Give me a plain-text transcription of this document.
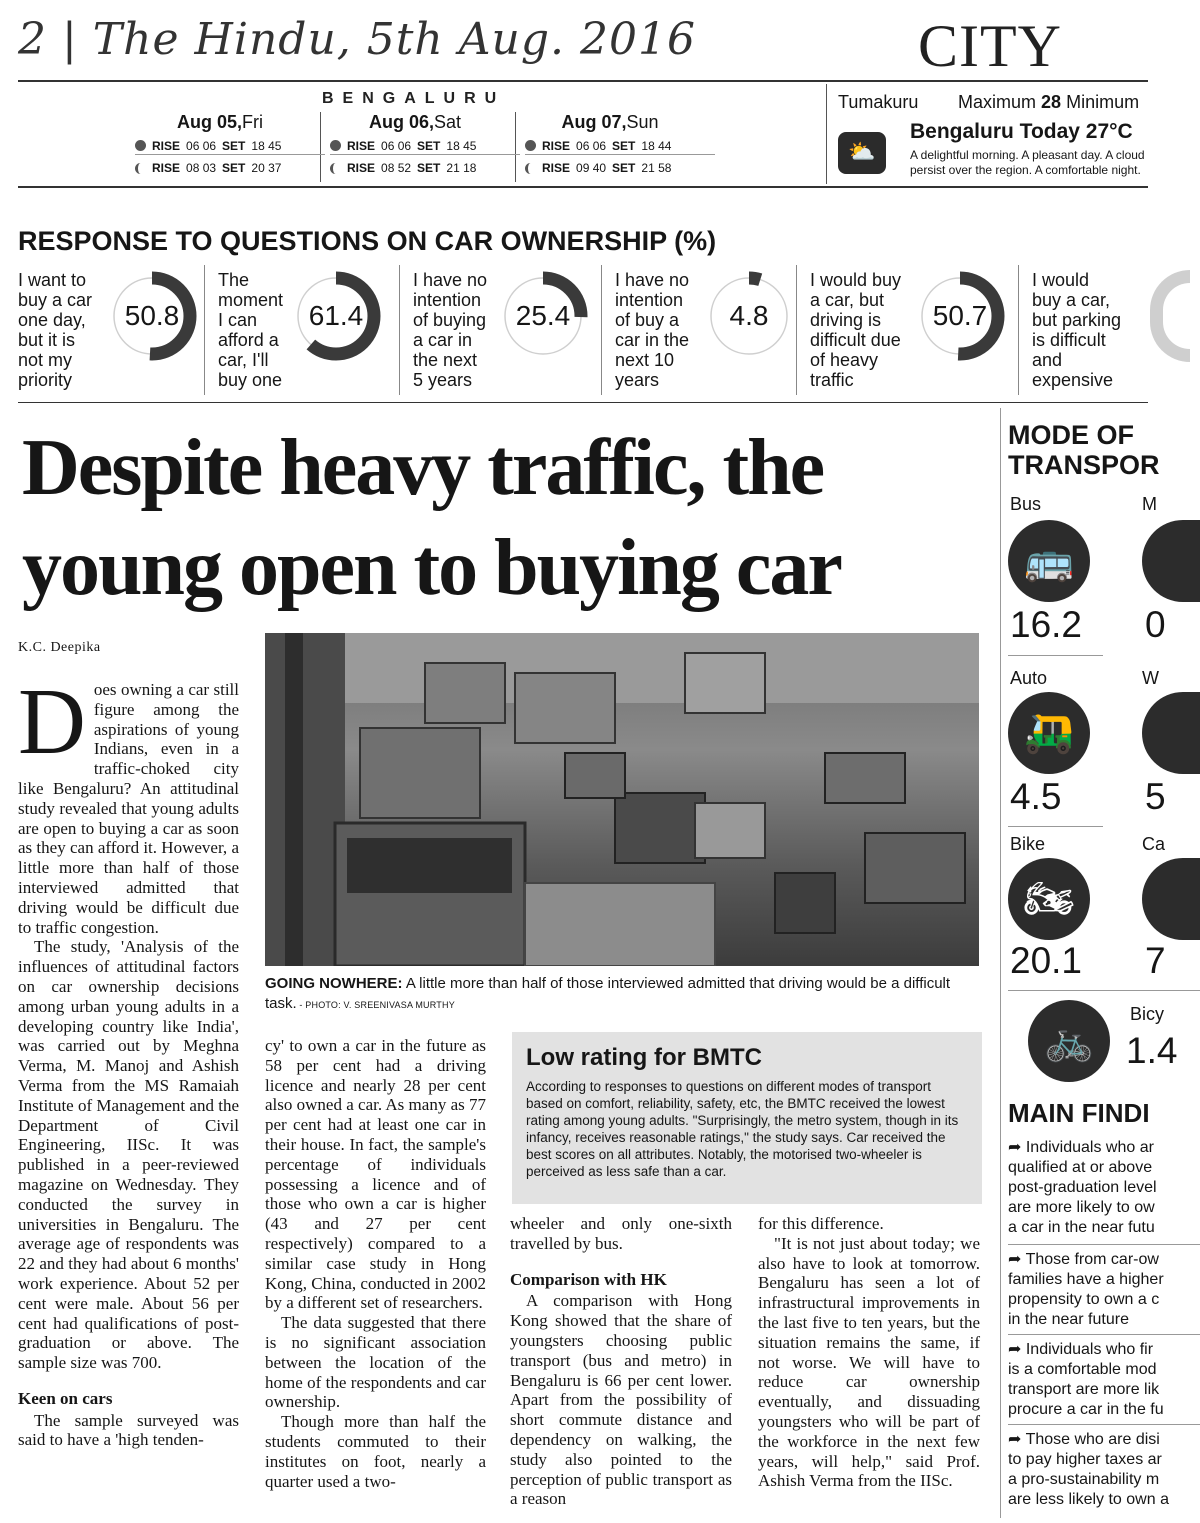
2 | The Hindu, 5th Aug. 2016	CITY
BENGALURU
Aug 05,Fri
RISE 06 06 SET 18 45
RISE 08 03 SET 20 37
Aug 06,Sat
RISE 06 06 SET 18 45
RISE 08 52 SET 21 18
Aug 07,Sun
RISE 06 06 SET 18 44
RISE 09 40 SET 21 58
Tumakuru Maximum 28 Minimum
⛅
Bengaluru Today 27°C
A delightful morning. A pleasant day. A cloud persist over the region. A comfortable night.
RESPONSE TO QUESTIONS ON CAR OWNERSHIP (%)
I want to
buy a car
one day,
but it is
not my
priority
50.8
The
moment
I can
afford a
car, I'll
buy one
61.4
I have no
intention
of buying
a car in
the next
5 years
25.4
I have no
intention
of buy a
car in the
next 10
years
4.8
I would buy
a car, but
driving is
difficult due
of heavy
traffic
50.7
I would
buy a car,
but parking
is difficult
and
expensive
Despite heavy traffic, the
young open to buying car
K.C. Deepika
GOING NOWHERE: A little more than half of those interviewed admitted that driving would be a difficult task. - PHOTO: V. SREENIVASA MURTHY

Does owning a car still figure among the aspirations of young Indians, even in a traffic-choked city like Bengaluru? An attitudinal study revealed that young adults are open to buying a car as soon as they can afford it. However, a little more than half of those interviewed admitted that driving would be difficult due to traffic congestion.

The study, 'Analysis of the influences of attitudinal factors on car ownership decisions among urban young adults in a developing country like India', was carried out by Meghna Verma, M. Manoj and Ashish Verma from the MS Ramaiah Institute of Management and the Department of Civil Engineering, IISc. It was published in a peer-reviewed magazine on Wednesday. They conducted the survey in universities in Bengaluru. The average age of respondents was 22 and they had about 6 months' work experience. About 52 per cent were male. About 56 per cent had qualifications of post-graduation or above. The sample size was 700.

Keen on cars

The sample surveyed was said to have a 'high tenden-

cy' to own a car in the future as 58 per cent had a driving licence and nearly 28 per cent also owned a car. As many as 77 per cent had at least one car in their house. In fact, the sample's percentage of individuals possessing a licence and of those who own a car is higher (43 and 27 per cent respectively) compared to a similar case study in Hong Kong, China, conducted in 2002 by a different set of researchers.

The data suggested that there is no significant association between the location of the home of the respondents and car ownership.

Though more than half the students commuted to their institutes on foot, nearly a quarter used a two-

Low rating for BMTC
According to responses to questions on different modes of transport based on comfort, reliability, safety, etc, the BMTC received the lowest rating among young adults. "Surprisingly, the metro system, though in its infancy, receives reasonable ratings," the study says. Car received the best scores on all attributes. Notably, the motorised two-wheeler is perceived as less safe than a car.

wheeler and only one-sixth travelled by bus.

Comparison with HK

A comparison with Hong Kong showed that the share of youngsters choosing public transport (bus and metro) in Bengaluru is 66 per cent lower. Apart from the possibility of short commute distance and dependency on walking, the study also pointed to the perception of public transport as a reason

for this difference.

"It is not just about today; we also have to look at tomorrow. Bengaluru has seen a lot of infrastructural improvements in the last five to ten years, but the situation remains the same, if not worse. We will have to reduce car ownership eventually, and dissuading youngsters who will be part of the workforce in the next few years, will help," said Prof. Ashish Verma from the IISc.

MODE OF
TRANSPOR
Bus
🚌
16.2
M
0
Auto
🛺
4.5
W
5
Bike
🏍
20.1
Ca
7
🚲
Bicy
1.4
MAIN FINDI
➦ Individuals who ar
qualified at or above
post-graduation level
are more likely to ow
a car in the near futu
➦ Those from car-ow
families have a higher
propensity to own a c
in the near future
➦ Individuals who fir
is a comfortable mod
transport are more lik
procure a car in the fu
➦ Those who are disi
to pay higher taxes ar
a pro-sustainability m
are less likely to own a
